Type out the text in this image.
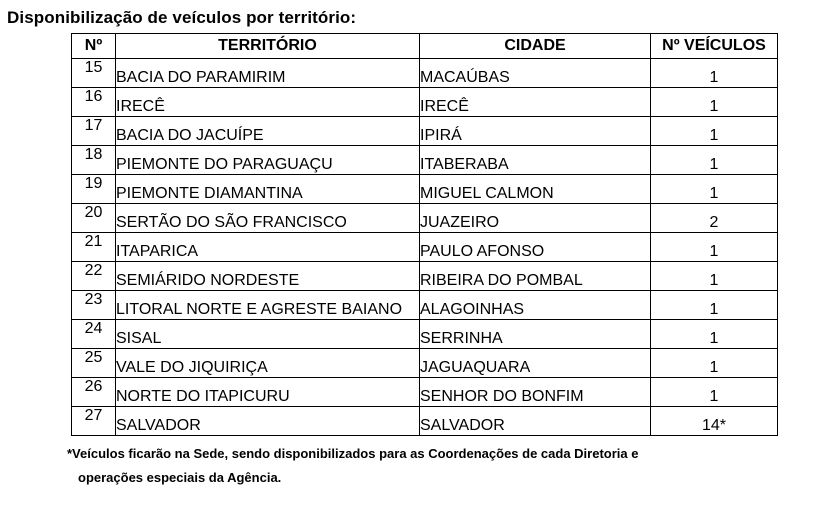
Disponibilização de veículos por território:
Nº	TERRITÓRIO	CIDADE	Nº VEÍCULOS
15	BACIA DO PARAMIRIM	MACAÚBAS	1
16	IRECÊ	IRECÊ	1
17	BACIA DO JACUÍPE	IPIRÁ	1
18	PIEMONTE DO PARAGUAÇU	ITABERABA	1
19	PIEMONTE DIAMANTINA	MIGUEL CALMON	1
20	SERTÃO DO SÃO FRANCISCO	JUAZEIRO	2
21	ITAPARICA	PAULO AFONSO	1
22	SEMIÁRIDO NORDESTE	RIBEIRA DO POMBAL	1
23	LITORAL NORTE E AGRESTE BAIANO	ALAGOINHAS	1
24	SISAL	SERRINHA	1
25	VALE DO JIQUIRIÇA	JAGUAQUARA	1
26	NORTE DO ITAPICURU	SENHOR DO BONFIM	1
27	SALVADOR	SALVADOR	14*
*Veículos ficarão na Sede, sendo disponibilizados para as Coordenações de cada Diretoria e
operações especiais da Agência.
